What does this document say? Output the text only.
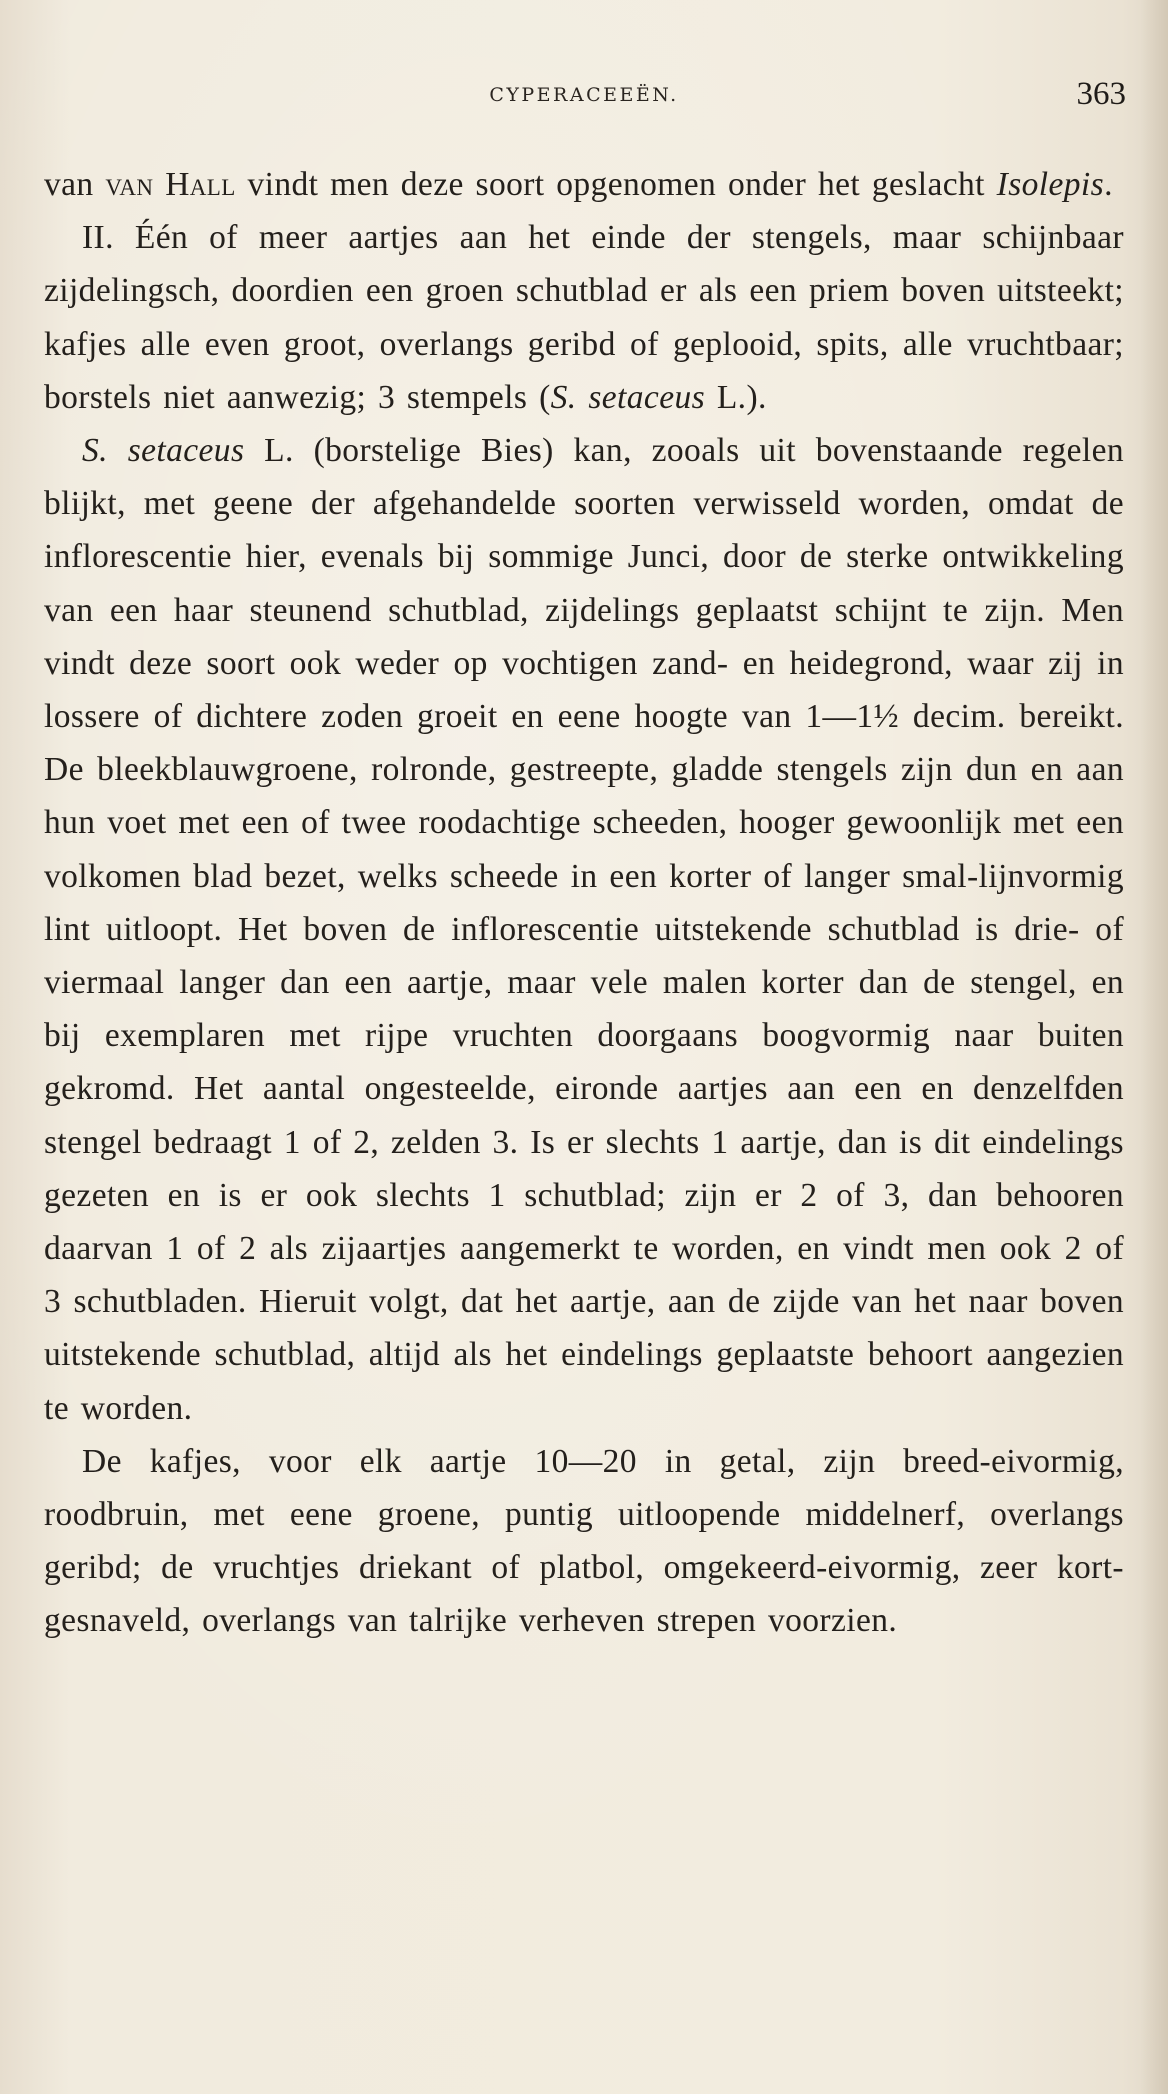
CYPERACEEËN.	363

van van Hall vindt men deze soort opgenomen onder het geslacht Isolepis.

II. Één of meer aartjes aan het einde der stengels, maar schijnbaar zijdelingsch, doordien een groen schutblad er als een priem boven uitsteekt; kafjes alle even groot, overlangs geribd of geplooid, spits, alle vruchtbaar; borstels niet aanwezig; 3 stempels (S. setaceus L.).

S. setaceus L. (borstelige Bies) kan, zooals uit bovenstaande regelen blijkt, met geene der afgehandelde soorten verwisseld worden, omdat de inflorescentie hier, evenals bij sommige Junci, door de sterke ontwikkeling van een haar steunend schutblad, zijdelings geplaatst schijnt te zijn. Men vindt deze soort ook weder op vochtigen zand- en heidegrond, waar zij in lossere of dichtere zoden groeit en eene hoogte van 1—1½ decim. bereikt. De bleekblauwgroene, rolronde, gestreepte, gladde stengels zijn dun en aan hun voet met een of twee roodachtige scheeden, hooger gewoonlijk met een volkomen blad bezet, welks scheede in een korter of langer smal-lijnvormig lint uitloopt. Het boven de inflorescentie uitstekende schutblad is drie- of viermaal langer dan een aartje, maar vele malen korter dan de stengel, en bij exemplaren met rijpe vruchten doorgaans boogvormig naar buiten gekromd. Het aantal ongesteelde, eironde aartjes aan een en denzelfden stengel bedraagt 1 of 2, zelden 3. Is er slechts 1 aartje, dan is dit eindelings gezeten en is er ook slechts 1 schutblad; zijn er 2 of 3, dan behooren daarvan 1 of 2 als zijaartjes aangemerkt te worden, en vindt men ook 2 of 3 schutbladen. Hieruit volgt, dat het aartje, aan de zijde van het naar boven uitstekende schutblad, altijd als het eindelings geplaatste behoort aangezien te worden.

De kafjes, voor elk aartje 10—20 in getal, zijn breed-eivormig, roodbruin, met eene groene, puntig uitloopende middelnerf, overlangs geribd; de vruchtjes driekant of platbol, omgekeerd-eivormig, zeer kort-gesnaveld, overlangs van talrijke verheven strepen voorzien.
